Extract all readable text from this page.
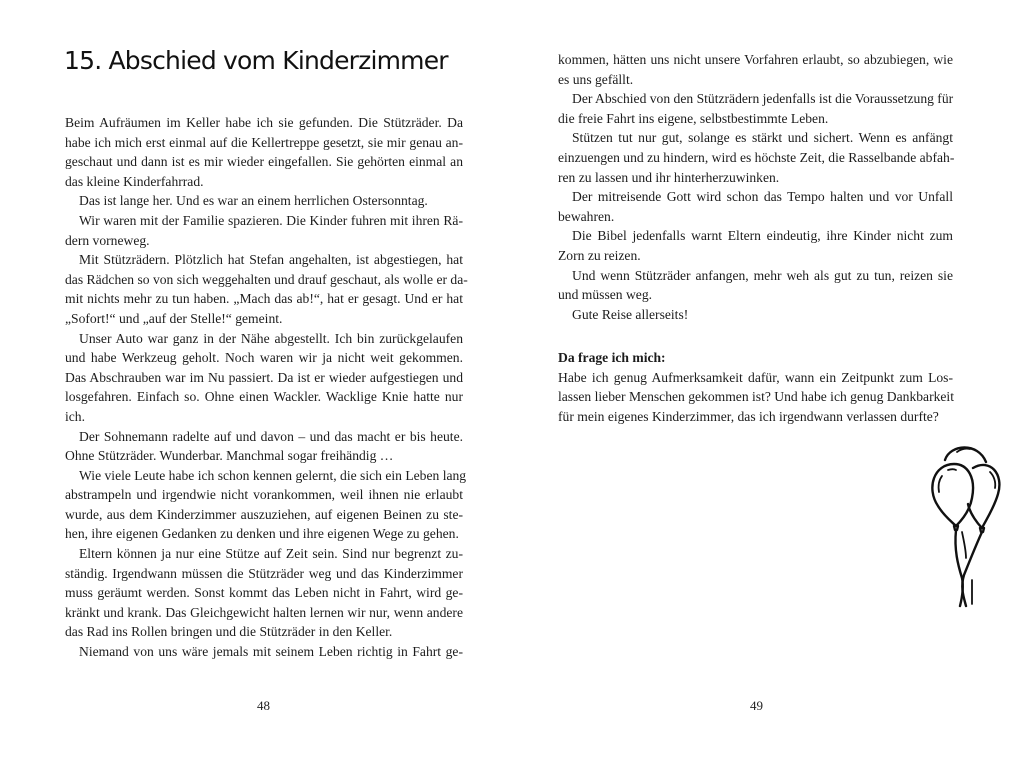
15. Abschied vom Kinderzimmer

Beim Aufräumen im Keller habe ich sie gefunden. Die Stützräder. Da
habe ich mich erst einmal auf die Kellertreppe gesetzt, sie mir genau an-
geschaut und dann ist es mir wieder eingefallen. Sie gehörten einmal an
das kleine Kinderfahrrad.

Das ist lange her. Und es war an einem herrlichen Ostersonntag.

Wir waren mit der Familie spazieren. Die Kinder fuhren mit ihren Rä-
dern vorneweg.

Mit Stützrädern. Plötzlich hat Stefan angehalten, ist abgestiegen, hat
das Rädchen so von sich weggehalten und drauf geschaut, als wolle er da-
mit nichts mehr zu tun haben. „Mach das ab!“, hat er gesagt. Und er hat
„Sofort!“ und „auf der Stelle!“ gemeint.

Unser Auto war ganz in der Nähe abgestellt. Ich bin zurückgelaufen
und habe Werkzeug geholt. Noch waren wir ja nicht weit gekommen.
Das Abschrauben war im Nu passiert. Da ist er wieder aufgestiegen und
losgefahren. Einfach so. Ohne einen Wackler. Wacklige Knie hatte nur
ich.

Der Sohnemann radelte auf und davon – und das macht er bis heute.
Ohne Stützräder. Wunderbar. Manchmal sogar freihändig …

Wie viele Leute habe ich schon kennen gelernt, die sich ein Leben lang
abstrampeln und irgendwie nicht vorankommen, weil ihnen nie erlaubt
wurde, aus dem Kinderzimmer auszuziehen, auf eigenen Beinen zu ste-
hen, ihre eigenen Gedanken zu denken und ihre eigenen Wege zu gehen.

Eltern können ja nur eine Stütze auf Zeit sein. Sind nur begrenzt zu-
ständig. Irgendwann müssen die Stützräder weg und das Kinderzimmer
muss geräumt werden. Sonst kommt das Leben nicht in Fahrt, wird ge-
kränkt und krank. Das Gleichgewicht halten lernen wir nur, wenn andere
das Rad ins Rollen bringen und die Stützräder in den Keller.

Niemand von uns wäre jemals mit seinem Leben richtig in Fahrt ge-

48

kommen, hätten uns nicht unsere Vorfahren erlaubt, so abzubiegen, wie
es uns gefällt.

Der Abschied von den Stützrädern jedenfalls ist die Voraussetzung für
die freie Fahrt ins eigene, selbstbestimmte Leben.

Stützen tut nur gut, solange es stärkt und sichert. Wenn es anfängt
einzuengen und zu hindern, wird es höchste Zeit, die Rasselbande abfah-
ren zu lassen und ihr hinterherzuwinken.

Der mitreisende Gott wird schon das Tempo halten und vor Unfall
bewahren.

Die Bibel jedenfalls warnt Eltern eindeutig, ihre Kinder nicht zum
Zorn zu reizen.

Und wenn Stützräder anfangen, mehr weh als gut zu tun, reizen sie
und müssen weg.

Gute Reise allerseits!

Da frage ich mich:
Habe ich genug Aufmerksamkeit dafür, wann ein Zeitpunkt zum Los-
lassen lieber Menschen gekommen ist? Und habe ich genug Dankbarkeit
für mein eigenes Kinderzimmer, das ich irgendwann verlassen durfte?
49
